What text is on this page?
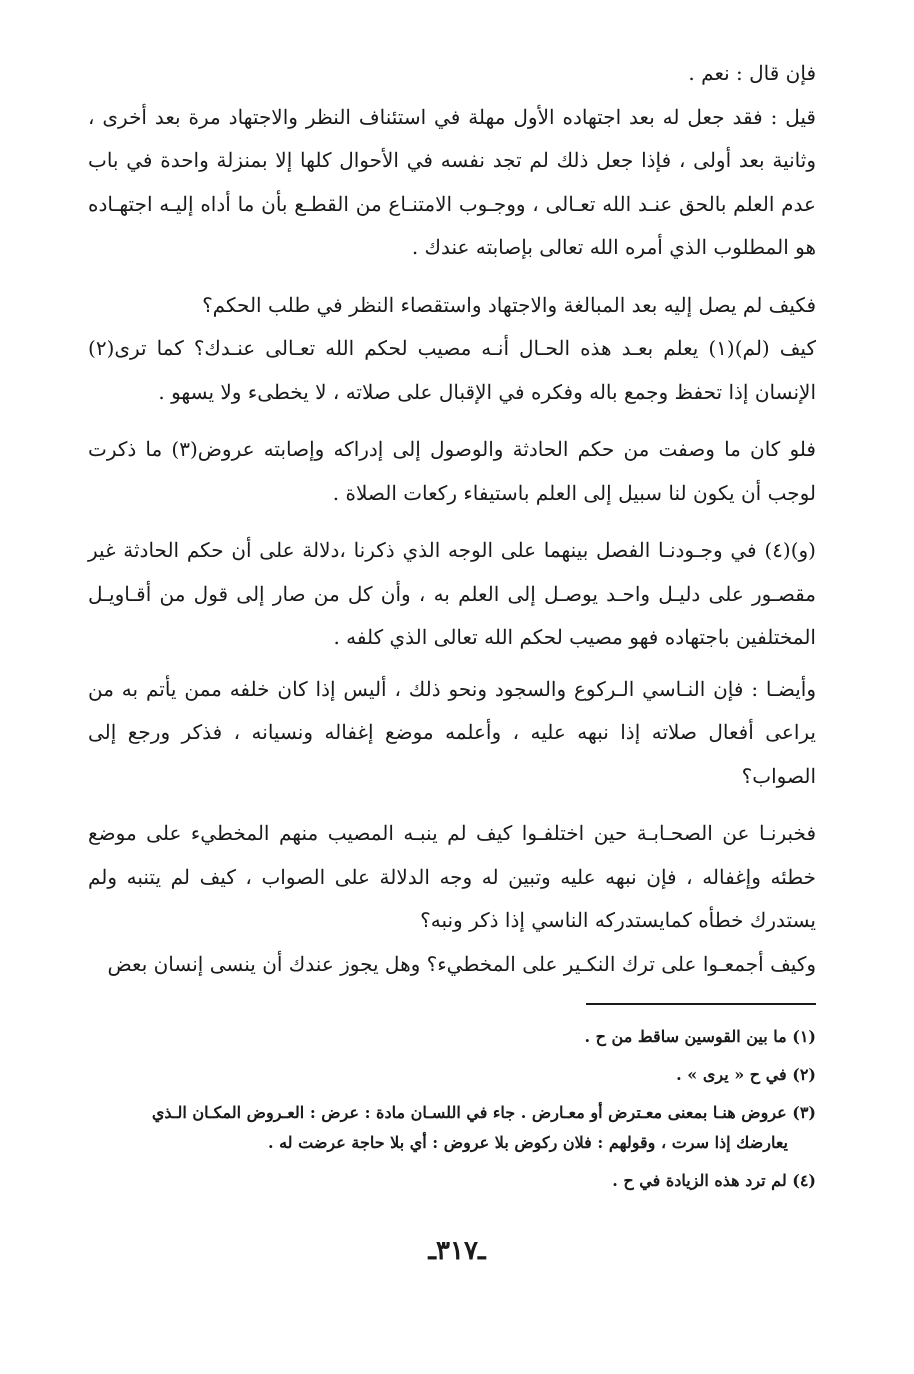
فإن قال : نعم .

قيل : فقد جعل له بعد اجتهاده الأول مهلة في استئناف النظر والاجتهاد مرة بعد أخرى ، وثانية بعد أولى ، فإذا جعل ذلك لم تجد نفسه في الأحوال كلها إلا بمنزلة واحدة في باب عدم العلم بالحق عنـد الله تعـالى ، ووجـوب الامتنـاع من القطـع بأن ما أداه إليـه اجتهـاده هو المطلوب الذي أمره الله تعالى بإصابته عندك .

فكيف لم يصل إليه بعد المبالغة والاجتهاد واستقصاء النظر في طلب الحكم؟

كيف (لم)(١) يعلم بعـد هذه الحـال أنـه مصيب لحكم الله تعـالى عنـدك؟ كما ترى(٢) الإنسان إذا تحفظ وجمع باله وفكره في الإقبال على صلاته ، لا يخطىء ولا يسهو .

فلو كان ما وصفت من حكم الحادثة والوصول إلى إدراكه وإصابته عروض(٣) ما ذكرت لوجب أن يكون لنا سبيل إلى العلم باستيفاء ركعات الصلاة .

(و)(٤) في وجـودنـا الفصل بينهما على الوجه الذي ذكرنا ،دلالة على أن حكم الحادثة غير مقصـور على دليـل واحـد يوصـل إلى العلم به ، وأن كل من صار إلى قول من أقـاويـل المختلفين باجتهاده فهو مصيب لحكم الله تعالى الذي كلفه .

وأيضـا : فإن النـاسي الـركوع والسجود ونحو ذلك ، أليس إذا كان خلفه ممن يأتم به من يراعى أفعال صلاته إذا نبهه عليه ، وأعلمه موضع إغفاله ونسيانه ، فذكر ورجع إلى الصواب؟

فخبرنـا عن الصحـابـة حين اختلفـوا كيف لم ينبـه المصيب منهم المخطيء على موضع خطئه وإغفاله ، فإن نبهه عليه وتبين له وجه الدلالة على الصواب ، كيف لم يتنبه ولم يستدرك خطأه كمايستدركه الناسي إذا ذكر ونبه؟

وكيف أجمعـوا على ترك النكـير على المخطيء؟ وهل يجوز عندك أن ينسى إنسان بعض

(١) ما بين القوسين ساقط من ح .

(٢) في ح « يرى » .

(٣) عروض هنـا بمعنى معـترض أو معـارض . جاء في اللسـان مادة : عرض : العـروض المكـان الـذي

يعارضك إذا سرت ، وقولهم : فلان ركوض بلا عروض : أي بلا حاجة عرضت له .

(٤) لم ترد هذه الزيادة في ح .

ـ٣١٧ـ
